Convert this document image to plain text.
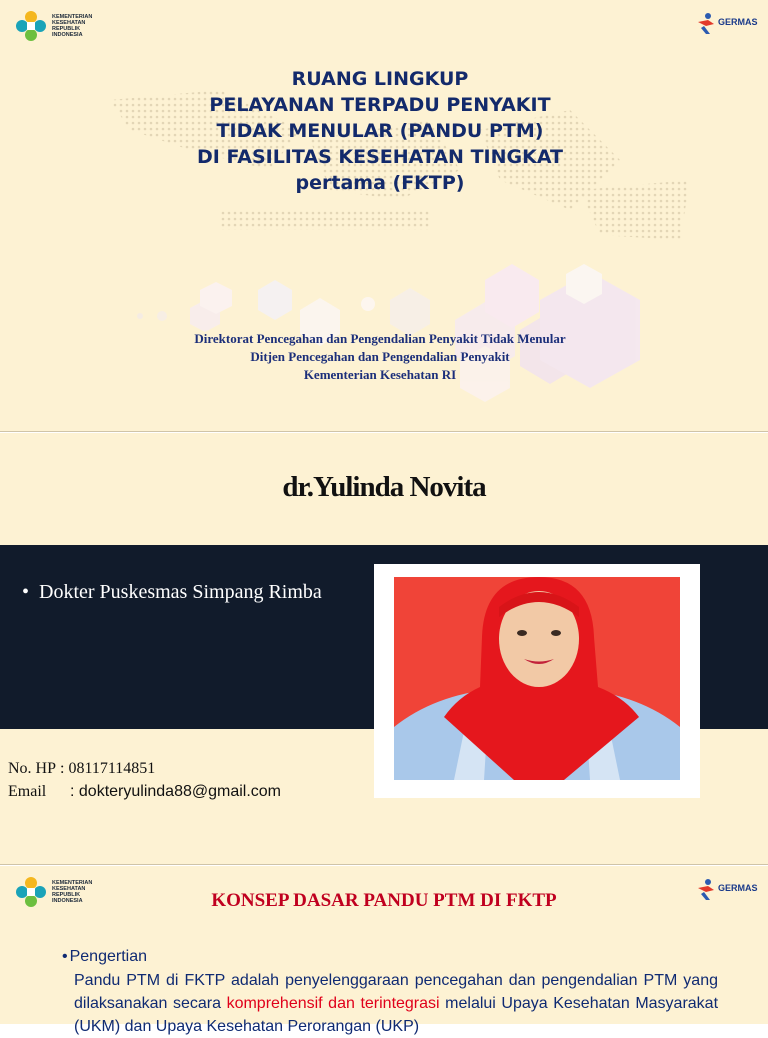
KEMENTERIAN KESEHATAN REPUBLIK INDONESIA
GERMAS

RUANG LINGKUP
PELAYANAN TERPADU PENYAKIT
TIDAK MENULAR (PANDU PTM)
DI FASILITAS KESEHATAN TINGKAT
pertama (FKTP)
Direktorat Pencegahan dan Pengendalian Penyakit Tidak Menular
Ditjen Pencegahan dan Pengendalian Penyakit
Kementerian Kesehatan RI
dr.Yulinda Novita
• Dokter Puskesmas Simpang Rimba
No. HP
: 08117114851
Email	: dokteryulinda88@gmail.com
KEMENTERIAN KESEHATAN REPUBLIK INDONESIA
GERMAS

KONSEP DASAR PANDU PTM DI FKTP
• Pengertian

Pandu PTM di FKTP adalah penyelenggaraan pencegahan dan pengendalian PTM yang dilaksanakan secara komprehensif dan terintegrasi melalui Upaya Kesehatan Masyarakat (UKM) dan Upaya Kesehatan Perorangan (UKP)
